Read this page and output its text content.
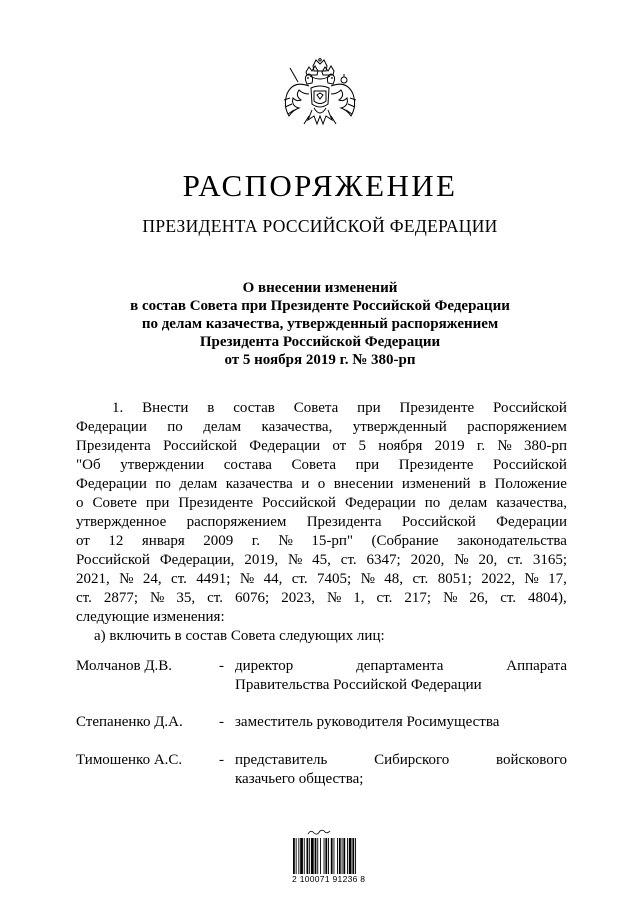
РАСПОРЯЖЕНИЕ
ПРЕЗИДЕНТА РОССИЙСКОЙ ФЕДЕРАЦИИ
О внесении изменений
в состав Совета при Президенте Российской Федерации
по делам казачества, утвержденный распоряжением
Президента Российской Федерации
от 5 ноября 2019 г. № 380-рп
1. Внести в состав Совета при Президенте Российской
Федерации по делам казачества, утвержденный распоряжением
Президента Российской Федерации от 5 ноября 2019 г. № 380-рп
"Об утверждении состава Совета при Президенте Российской
Федерации по делам казачества и о внесении изменений в Положение
о Совете при Президенте Российской Федерации по делам казачества,
утвержденное распоряжением Президента Российской Федерации
от 12 января 2009 г. № 15-рп" (Собрание законодательства
Российской Федерации, 2019, № 45, ст. 6347; 2020, № 20, ст. 3165;
2021, № 24, ст. 4491; № 44, ст. 7405; № 48, ст. 8051; 2022, № 17,
ст. 2877; № 35, ст. 6076; 2023, № 1, ст. 217; № 26, ст. 4804),
следующие изменения:
а) включить в состав Совета следующих лиц:
Молчанов Д.В.	- директор	департамента	Аппарата
Правительства Российской Федерации
Степаненко Д.А. - заместитель руководителя Росимущества
Тимошенко А.С. - представитель	Сибирского	войскового
казачьего общества;
2 100071 91236 8
